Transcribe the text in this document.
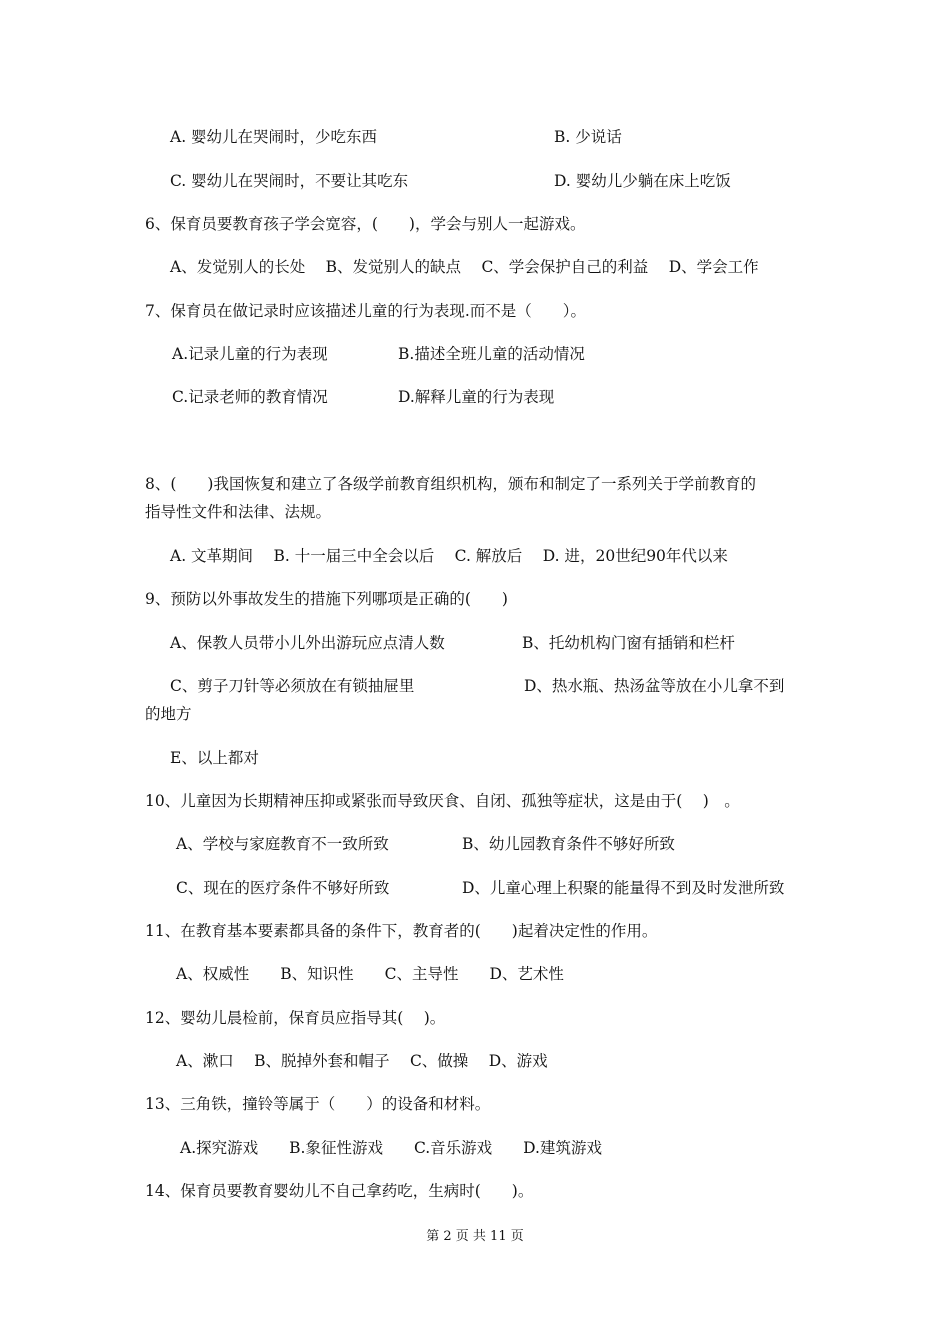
A. 婴幼儿在哭闹时，少吃东西	B. 少说话
C. 婴幼儿在哭闹时，不要让其吃东	D. 婴幼儿少躺在床上吃饭
6、保育员要教育孩子学会宽容，(　　)，学会与别人一起游戏。
A、发觉别人的长处　 B、发觉别人的缺点　 C、学会保护自己的利益　 D、学会工作
7、保育员在做记录时应该描述儿童的行为表现.而不是（　　）。
A.记录儿童的行为表现	B.描述全班儿童的活动情况
C.记录老师的教育情况	D.解释儿童的行为表现
8、(　　)我国恢复和建立了各级学前教育组织机构，颁布和制定了一系列关于学前教育的
指导性文件和法律、法规。
A. 文革期间　 B. 十一届三中全会以后　 C. 解放后　 D. 进，20世纪90年代以来
9、预防以外事故发生的措施下列哪项是正确的(　　)
A、保教人员带小儿外出游玩应点清人数	B、托幼机构门窗有插销和栏杆
C、剪子刀针等必须放在有锁抽屉里	D、热水瓶、热汤盆等放在小儿拿不到
的地方
E、以上都对
10、儿童因为长期精神压抑或紧张而导致厌食、自闭、孤独等症状，这是由于(　 )　。
A、学校与家庭教育不一致所致	B、幼儿园教育条件不够好所致
C、现在的医疗条件不够好所致	D、儿童心理上积聚的能量得不到及时发泄所致
11、在教育基本要素都具备的条件下，教育者的(　　)起着决定性的作用。
A、权威性　　B、知识性　　C、主导性　　D、艺术性
12、婴幼儿晨检前，保育员应指导其(　 )。
A、漱口　 B、脱掉外套和帽子　 C、做操　 D、游戏
13、三角铁，撞铃等属于（　　）的设备和材料。
A.探究游戏　　B.象征性游戏　　C.音乐游戏　　D.建筑游戏
14、保育员要教育婴幼儿不自己拿药吃，生病时(　　)。
第 2 页 共 11 页
